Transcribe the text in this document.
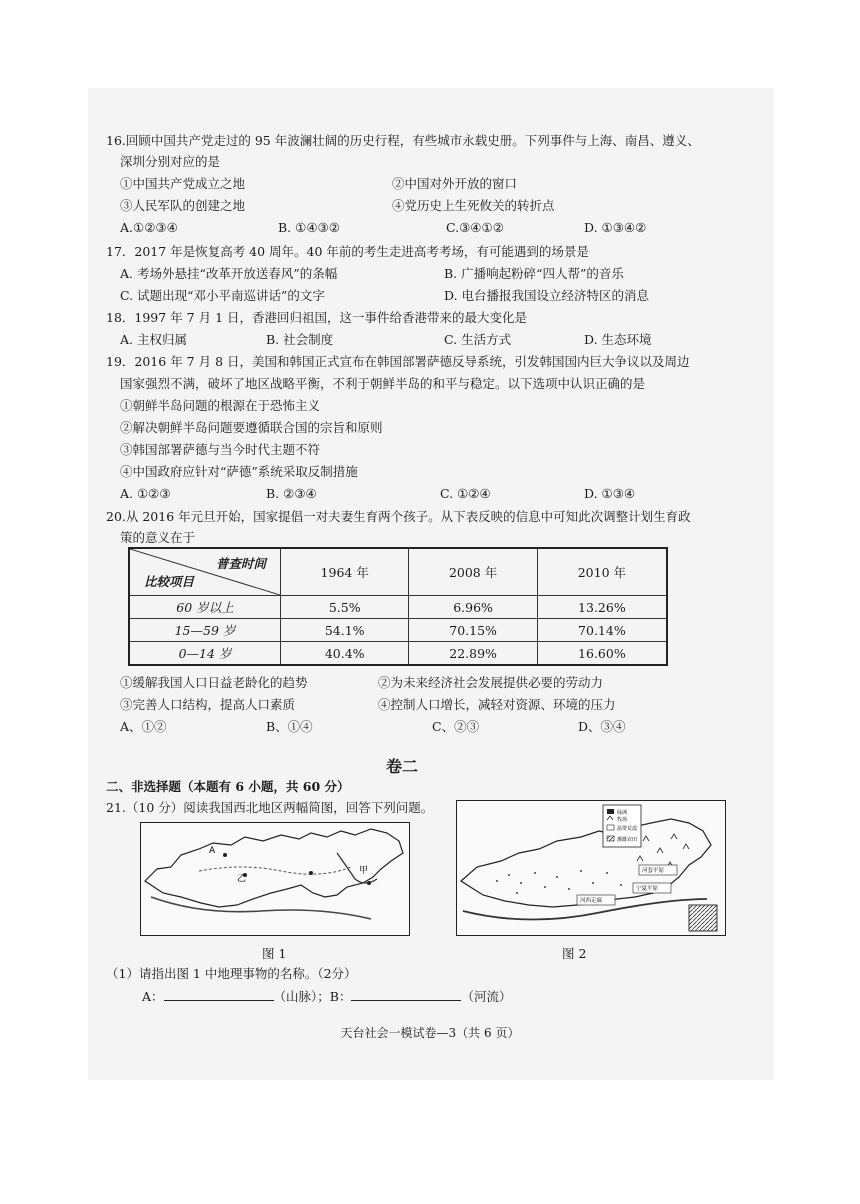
16.回顾中国共产党走过的 95 年波澜壮阔的历史行程，有些城市永载史册。下列事件与上海、南昌、遵义、
深圳分别对应的是
①中国共产党成立之地	②中国对外开放的窗口
③人民军队的创建之地	④党历史上生死攸关的转折点
A.①②③④	B. ①④③②	C.③④①②	D. ①③④②
17．2017 年是恢复高考 40 周年。40 年前的考生走进高考考场，有可能遇到的场景是
A. 考场外悬挂“改革开放送春风”的条幅	B. 广播响起粉碎“四人帮”的音乐
C. 试题出现“邓小平南巡讲话”的文字	D. 电台播报我国设立经济特区的消息
18．1997 年 7 月 1 日，香港回归祖国，这一事件给香港带来的最大变化是
A. 主权归属	B. 社会制度	C. 生活方式	D. 生态环境
19．2016 年 7 月 8 日，美国和韩国正式宣布在韩国部署萨德反导系统，引发韩国国内巨大争议以及周边
国家强烈不满，破坏了地区战略平衡，不利于朝鲜半岛的和平与稳定。以下选项中认识正确的是
①朝鲜半岛问题的根源在于恐怖主义
②解决朝鲜半岛问题要遵循联合国的宗旨和原则
③韩国部署萨德与当今时代主题不符
④中国政府应针对“萨德”系统采取反制措施
A. ①②③	B. ②③④	C. ①②④	D. ①③④
20.从 2016 年元旦开始，国家提倡一对夫妻生育两个孩子。从下表反映的信息中可知此次调整计划生育政
策的意义在于
普查时间
比较项目	1964 年	2008 年	2010 年
60 岁以上	5.5%	6.96%	13.26%
15—59 岁	54.1%	70.15%	70.14%
0—14 岁	40.4%	22.89%	16.60%
①缓解我国人口日益老龄化的趋势	②为未来经济社会发展提供必要的劳动力
③完善人口结构，提高人口素质	④控制人口增长，减轻对资源、环境的压力
A、①②	B、①④	C、②③	D、③④
卷二
二、非选择题（本题有 6 小题，共 60 分）
21.（10 分）阅读我国西北地区两幅简图，回答下列问题。
A
乙
甲
图 1
绿洲
牧场
温带荒漠
灌溉农田
宁夏平原
河套平原
河西走廊
图 2
（1）请指出图 1 中地理事物的名称。（2分）
A：	（山脉）；B：	（河流）
天台社会一模试卷—3（共 6 页）
